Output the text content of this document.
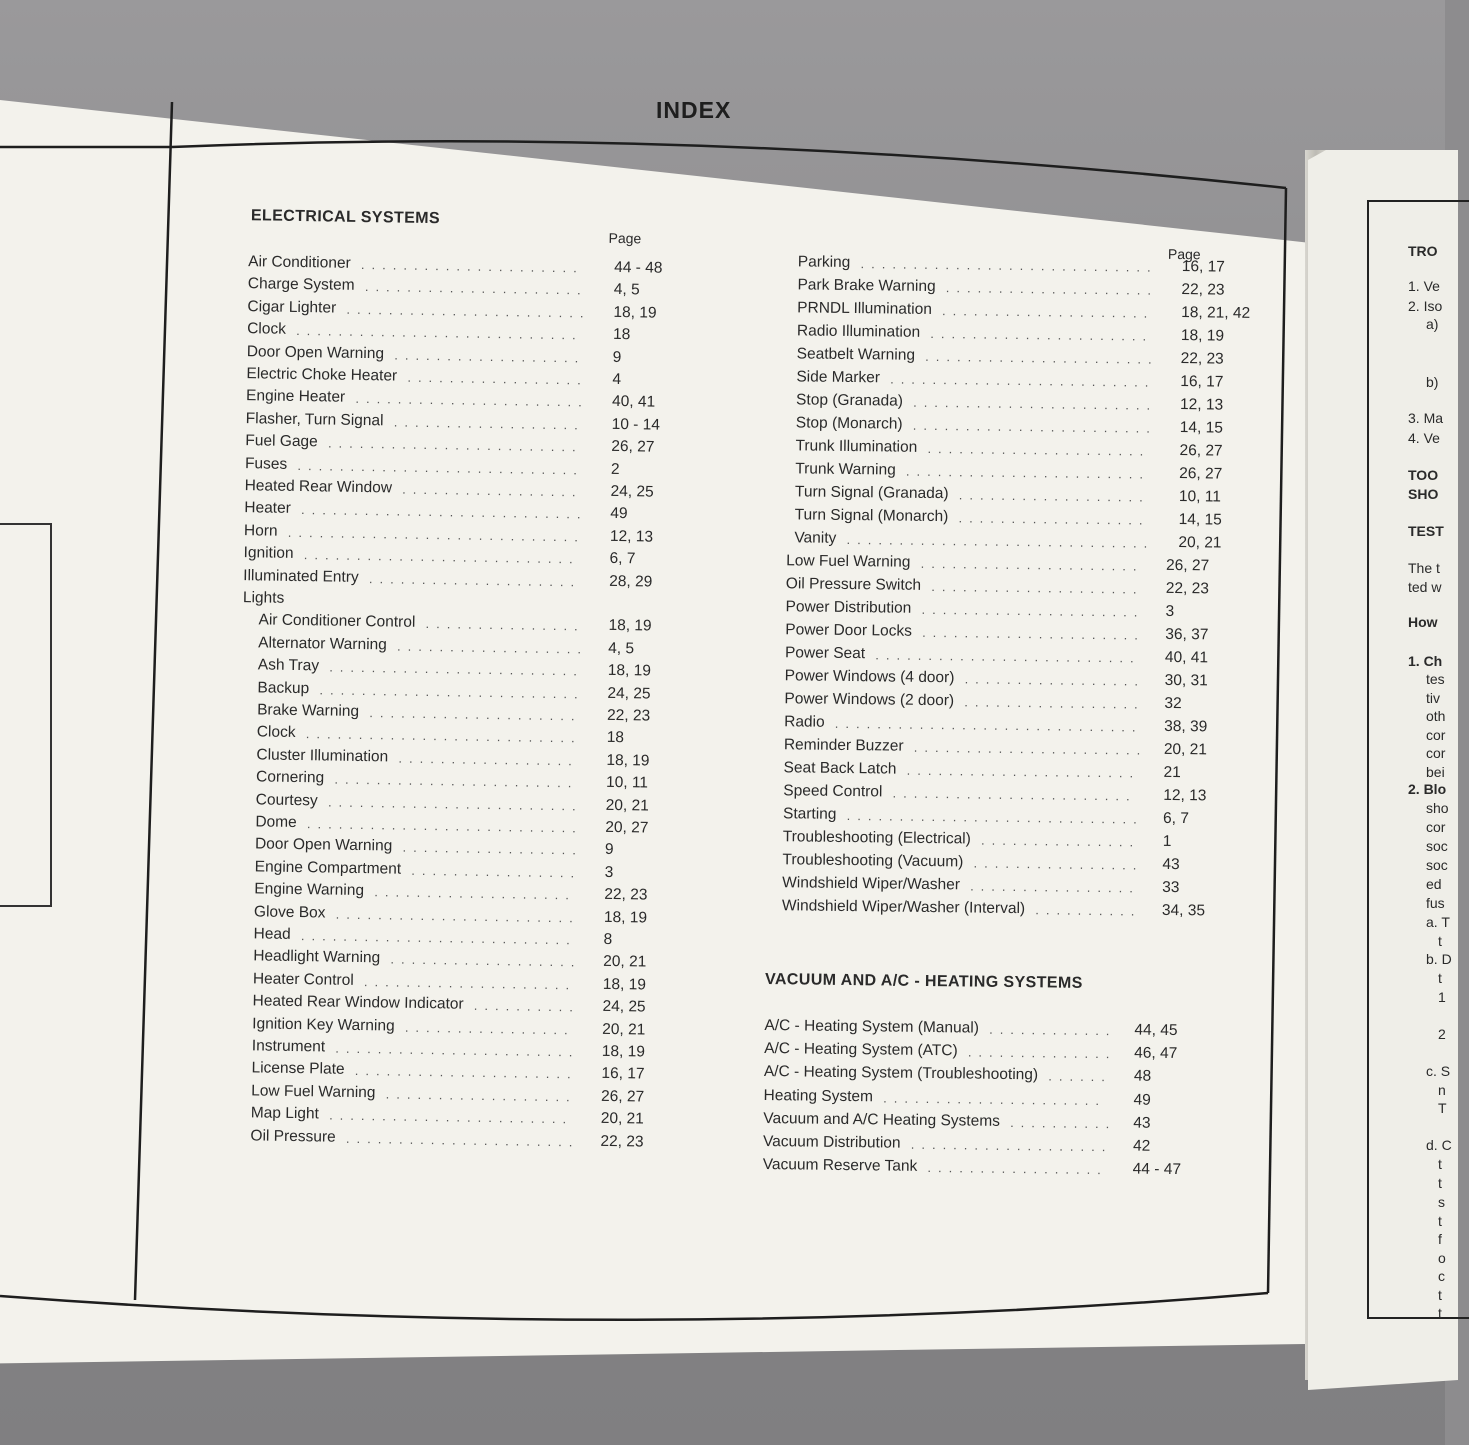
INDEX
ELECTRICAL SYSTEMS
Page
Air Conditioner .....................	44 - 48
Charge System .....................	4, 5
Cigar Lighter .......................	18, 19
Clock ...........................	18
Door Open Warning ..................	9
Electric Choke Heater .................	4
Engine Heater ......................	40, 41
Flasher, Turn Signal ..................	10 - 14
Fuel Gage ........................	26, 27
Fuses ...........................	2
Heated Rear Window .................	24, 25
Heater ...........................	49
Horn ............................	12, 13
Ignition ..........................	6, 7
Illuminated Entry ....................	28, 29
Lights
Air Conditioner Control ...............	18, 19
Alternator Warning ..................	4, 5
Ash Tray ........................	18, 19
Backup .........................	24, 25
Brake Warning ....................	22, 23
Clock ..........................	18
Cluster Illumination .................	18, 19
Cornering .......................	10, 11
Courtesy ........................	20, 21
Dome ..........................	20, 27
Door Open Warning .................	9
Engine Compartment ................	3
Engine Warning ...................	22, 23
Glove Box .......................	18, 19
Head ..........................	8
Headlight Warning ..................	20, 21
Heater Control ....................	18, 19
Heated Rear Window Indicator ..........	24, 25
Ignition Key Warning ................	20, 21
Instrument .......................	18, 19
License Plate .....................	16, 17
Low Fuel Warning ..................	26, 27
Map Light .......................	20, 21
Oil Pressure ......................	22, 23
Page
Parking ............................	16, 17
Park Brake Warning ....................	22, 23
PRNDL Illumination ....................	18, 21, 42
Radio Illumination .....................	18, 19
Seatbelt Warning ......................	22, 23
Side Marker .........................	16, 17
Stop (Granada) .......................	12, 13
Stop (Monarch) .......................	14, 15
Trunk Illumination .....................	26, 27
Trunk Warning .......................	26, 27
Turn Signal (Granada) ..................	10, 11
Turn Signal (Monarch) ..................	14, 15
Vanity .............................	20, 21
Low Fuel Warning .....................	26, 27
Oil Pressure Switch ....................	22, 23
Power Distribution .....................	3
Power Door Locks .....................	36, 37
Power Seat .........................	40, 41
Power Windows (4 door) .................	30, 31
Power Windows (2 door) .................	32
Radio .............................	38, 39
Reminder Buzzer ......................	20, 21
Seat Back Latch ......................	21
Speed Control .......................	12, 13
Starting ............................	6, 7
Troubleshooting (Electrical) ...............	1
Troubleshooting (Vacuum) ................	43
Windshield Wiper/Washer ................	33
Windshield Wiper/Washer (Interval) ..........	34, 35
VACUUM AND A/C - HEATING SYSTEMS
A/C - Heating System (Manual) ............	44, 45
A/C - Heating System (ATC) ..............	46, 47
A/C - Heating System (Troubleshooting) ......	48
Heating System .....................	49
Vacuum and A/C Heating Systems ..........	43
Vacuum Distribution ...................	42
Vacuum Reserve Tank .................	44 - 47
TRO
1. Ve
2. Iso
a)
b)
3. Ma
4. Ve
TOO
SHO
TEST
The t
ted w
How
1. Ch
tes
tiv
oth
cor
cor
bei
2. Blo
sho
cor
soc
soc
ed
fus
a. T
t
b. D
t
1
2
c. S
n
T
d. C
t
t
s
t
f
o
c
t
t
